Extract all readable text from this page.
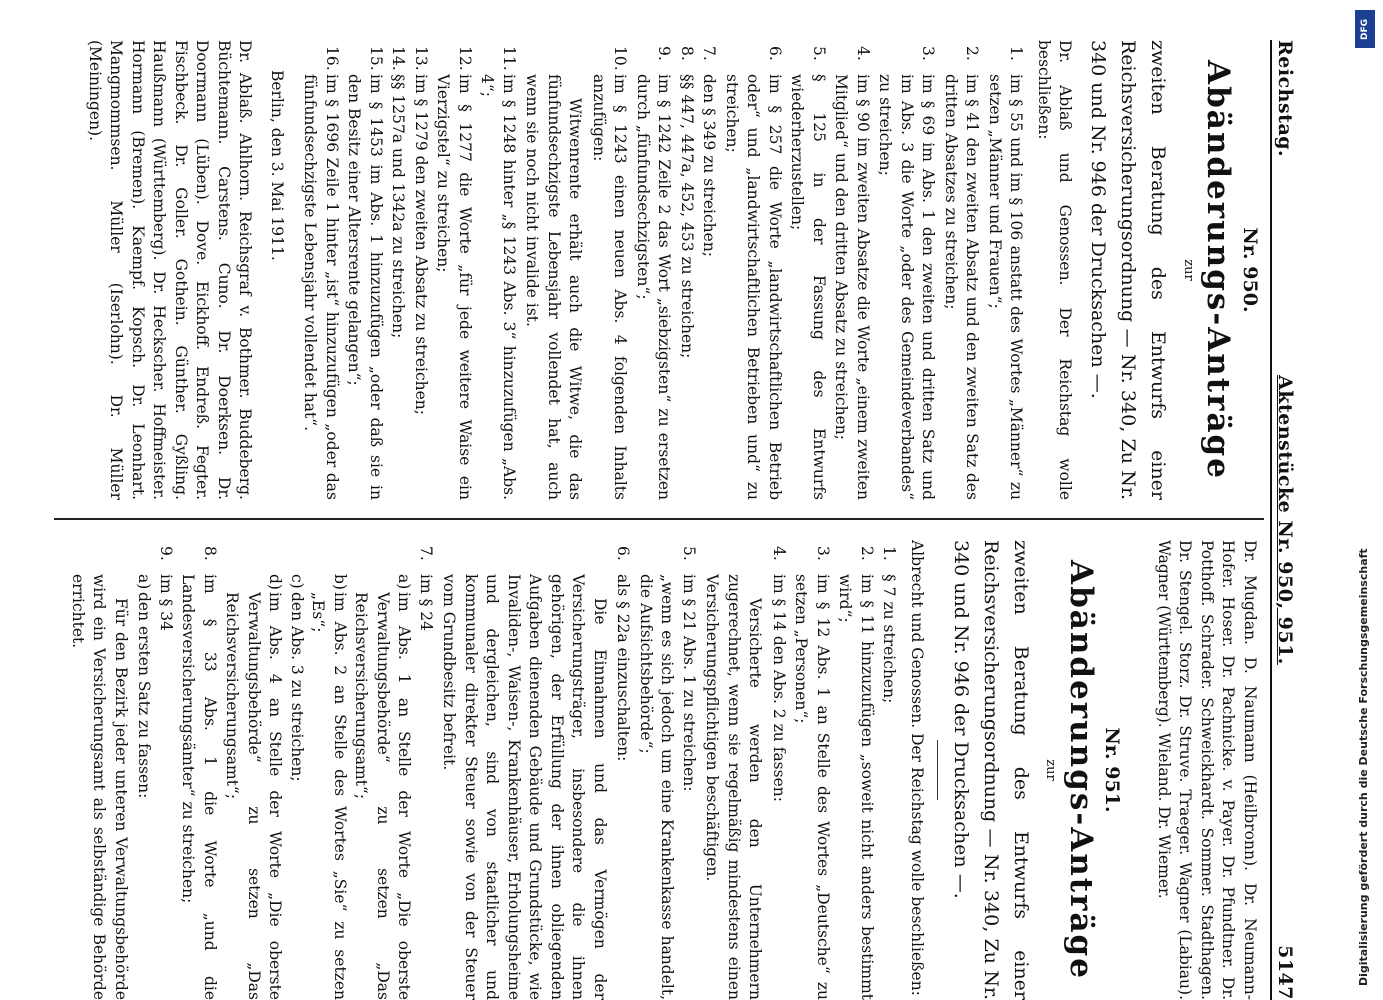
Reichstag.
Aktenstücke Nr. 950, 951.
5147
Nr. 950.
Abänderungs-Anträge
zur
zweiten Beratung des Entwurfs einer Reichsversicherungsordnung — Nr. 340, Zu Nr. 340 und Nr. 946 der Drucksachen —.
Dr. Ablaß und Genossen. Der Reichstag wolle beschließen:
1.
im § 55 und im § 106 anstatt des Wortes „Männer“ zu setzen „Männer und Frauen“;
2.
im § 41 den zweiten Absatz und den zweiten Satz des dritten Absatzes zu streichen;
3.
im § 69 im Abs. 1 den zweiten und dritten Satz und im Abs. 3 die Worte „oder des Gemeindeverbandes“ zu streichen;
4.
im § 90 im zweiten Absatze die Worte „einem zweiten Mitglied“ und den dritten Absatz zu streichen;
5.
§ 125 in der Fassung des Entwurfs wiederherzustellen;
6.
im § 257 die Worte „landwirtschaftlichen Betrieb oder“ und „landwirtschaftlichen Betrieben und“ zu streichen;
7.
den § 349 zu streichen;
8.
§§ 447, 447a, 452, 453 zu streichen;
9.
im § 1242 Zeile 2 das Wort „siebzigsten“ zu ersetzen durch „fünfundsechzigsten“;
10.
im § 1243 einen neuen Abs. 4 folgenden Inhalts anzufügen:
Witwenrente erhält auch die Witwe, die das fünfundsechzigste Lebensjahr vollendet hat, auch wenn sie noch nicht invalide ist.
11.
im § 1248 hinter „§ 1243 Abs. 3“ hinzuzufügen „Abs. 4“;
12.
im § 1277 die Worte „für jede weitere Waise ein Vierzigstel“ zu streichen;
13.
im § 1279 den zweiten Absatz zu streichen;
14.
§§ 1257a und 1342a zu streichen;
15.
im § 1453 im Abs. 1 hinzuzufügen „oder daß sie in den Besitz einer Altersrente gelangen“;
16.
im § 1696 Zeile 1 hinter „ist“ hinzuzufügen „oder das fünfundsechzigste Lebensjahr vollendet hat“.
Berlin, den 3. Mai 1911.
Dr. Ablaß. Ahlhorn. Reichsgraf v. Bothmer. Buddeberg. Büchtemann. Carstens. Cuno. Dr. Doerksen. Dr. Doormann (Lüben). Dove. Eickhoff. Endreß. Fegter. Fischbeck. Dr. Goller. Gothein. Günther. Gyßling. Haußmann (Württemberg). Dr. Heckscher. Hoffmeister. Hormann (Bremen). Kaempf. Kopsch. Dr. Leonhart. Mangmommsen. Müller (Iserlohn). Dr. Müller (Meiningen).
Dr. Mugdan. D. Naumann (Heilbronn). Dr. Neumann-Hofer. Hoser. Dr. Pachnicke. v. Payer. Dr. Pfundtner. Dr. Potthoff. Schrader. Schweickhardt. Sommer. Stadthagen. Dr. Stengel. Storz. Dr. Struve. Traeger. Wagner (Labiau). Wagner (Württemberg). Wieland. Dr. Wiemer.
Nr. 951.
Abänderungs-Anträge
zur
zweiten Beratung des Entwurfs einer Reichsversicherungsordnung — Nr. 340, Zu Nr. 340 und Nr. 946 der Drucksachen —.
Albrecht und Genossen. Der Reichstag wolle beschließen:
1.
§ 7 zu streichen;
2.
im § 11 hinzuzufügen „soweit nicht anders bestimmt wird“;
3.
im § 12 Abs. 1 an Stelle des Wortes „Deutsche“ zu setzen „Personen“;
4.
im § 14 den Abs. 2 zu fassen:
Versicherte werden den Unternehmern zugerechnet, wenn sie regelmäßig mindestens einen Versicherungspflichtigen beschäftigen.
5.
im § 21 Abs. 1 zu streichen:
„wenn es sich jedoch um eine Krankenkasse handelt, die Aufsichtsbehörde“;
6.
als § 22a einzuschalten:
Die Einnahmen und das Vermögen der Versicherungsträger, insbesondere die ihnen gehörigen, der Erfüllung der ihnen obliegenden Aufgaben dienenden Gebäude und Grundstücke, wie Invaliden-, Waisen-, Krankenhäuser, Erholungsheime und dergleichen, sind von staatlicher und kommunaler direkter Steuer sowie von der Steuer vom Grundbesitz befreit.
7.
im § 24
a)
im Abs. 1 an Stelle der Worte „Die oberste Verwaltungsbehörde“ zu setzen „Das Reichsversicherungsamt“;
b)
im Abs. 2 an Stelle des Wortes „Sie“ zu setzen „Es“;
c)
den Abs. 3 zu streichen;
d)
im Abs. 4 an Stelle der Worte „Die oberste Verwaltungsbehörde“ zu setzen „Das Reichsversicherungsamt“;
8.
im § 33 Abs. 1 die Worte „und die Landesversicherungsämter“ zu streichen;
9.
im § 34
a)
den ersten Satz zu fassen:
Für den Bezirk jeder unteren Verwaltungsbehörde wird ein Versicherungsamt als selbständige Behörde errichtet.
DFG
Digitalisierung gefördert durch die Deutsche Forschungsgemeinschaft
